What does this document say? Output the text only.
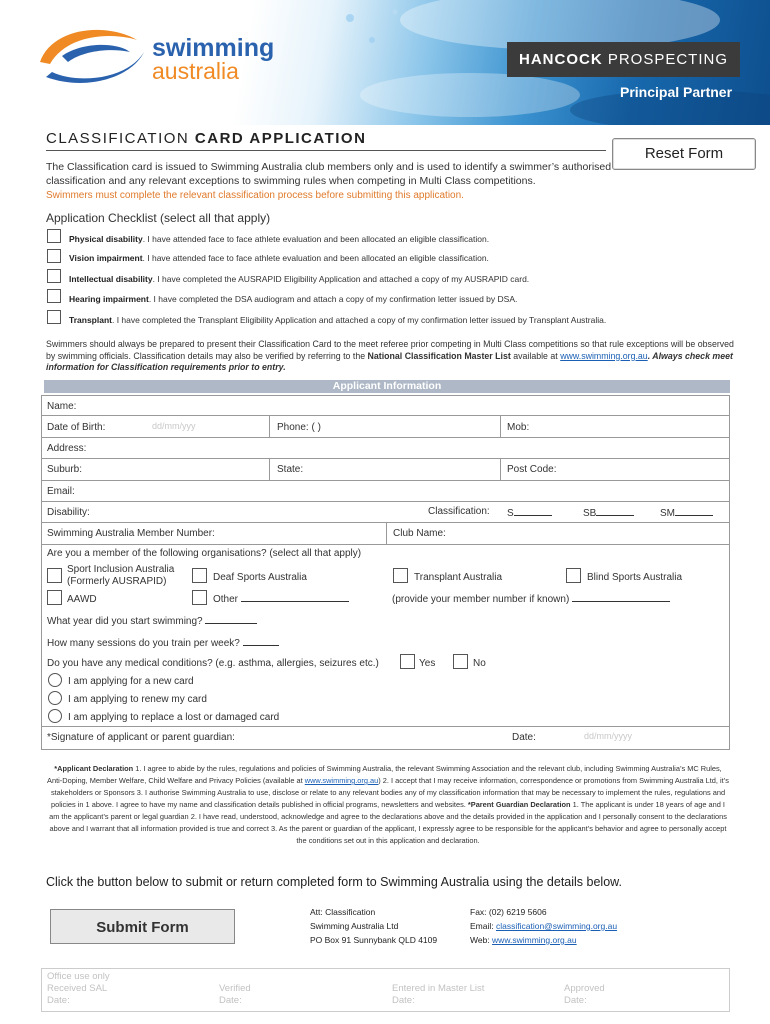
swimming
australia	HANCOCK PROSPECTING
Principal Partner
CLASSIFICATION CARD APPLICATION
Reset Form
The Classification card is issued to Swimming Australia club members only and is used to identify a swimmer’s authorised classification and any relevant exceptions to swimming rules when competing in Multi Class competitions.
Swimmers must complete the relevant classification process before submitting this application.
Application Checklist (select all that apply)
Physical disability. I have attended face to face athlete evaluation and been allocated an eligible classification.
Vision impairment. I have attended face to face athlete evaluation and been allocated an eligible classification.
Intellectual disability. I have completed the AUSRAPID Eligibility Application and attached a copy of my AUSRAPID card.
Hearing impairment. I have completed the DSA audiogram and attach a copy of my confirmation letter issued by DSA.
Transplant. I have completed the Transplant Eligibility Application and attached a copy of my confirmation letter issued by Transplant Australia.
Swimmers should always be prepared to present their Classification Card to the meet referee prior competing in Multi Class competitions so that rule exceptions will be observed by swimming officials. Classification details may also be verified by referring to the National Classification Master List available at www.swimming.org.au. Always check meet information for Classification requirements prior to entry.
Applicant Information
Name:
Date of Birth:	dd/mm/yyy	Phone: ( )	Mob:
Address:
Suburb:	State:	Post Code:
Email:
Disability:	Classification: S	SB	SM
Swimming Australia Member Number:	Club Name:
Are you a member of the following organisations? (select all that apply)
Sport Inclusion Australia
(Formerly AUSRAPID)	Deaf Sports Australia	Transplant Australia	Blind Sports Australia
AAWD	Other	(provide your member number if known)
What year did you start swimming?
How many sessions do you train per week?
Do you have any medical conditions? (e.g. asthma, allergies, seizures etc.)	Yes	No
I am applying for a new card
I am applying to renew my card
I am applying to replace a lost or damaged card
*Signature of applicant or parent guardian:	Date:	dd/mm/yyyy
*Applicant Declaration 1. I agree to abide by the rules, regulations and policies of Swimming Australia, the relevant Swimming Association and the relevant club, including Swimming Australia’s MC Rules, Anti-Doping, Member Welfare, Child Welfare and Privacy Policies (available at www.swimming.org.au) 2. I accept that I may receive information, correspondence or promotions from Swimming Australia Ltd, it’s stakeholders or Sponsors 3. I authorise Swimming Australia to use, disclose or relate to any relevant bodies any of my classification information that may be necessary to implement the rules, regulations and policies in 1 above. I agree to have my name and classification details published in official programs, newsletters and websites. *Parent Guardian Declaration 1. The applicant is under 18 years of age and I am the applicant’s parent or legal guardian 2. I have read, understood, acknowledge and agree to the declarations above and the details provided in the application and I personally consent to the declarations above and I warrant that all information provided is true and correct 3. As the parent or guardian of the applicant, I expressly agree to be responsible for the applicant’s behavior and agree to personally accept the conditions set out in this application and declaration.
Click the button below to submit or return completed form to Swimming Australia using the details below.
Submit Form
Att: Classification
Swimming Australia Ltd
PO Box 91 Sunnybank QLD 4109
Fax: (02) 6219 5606
Email: classification@swimming.org.au
Web: www.swimming.org.au
Office use only
Received SAL
Date:
Verified
Date:
Entered in Master List
Date:
Approved
Date:
